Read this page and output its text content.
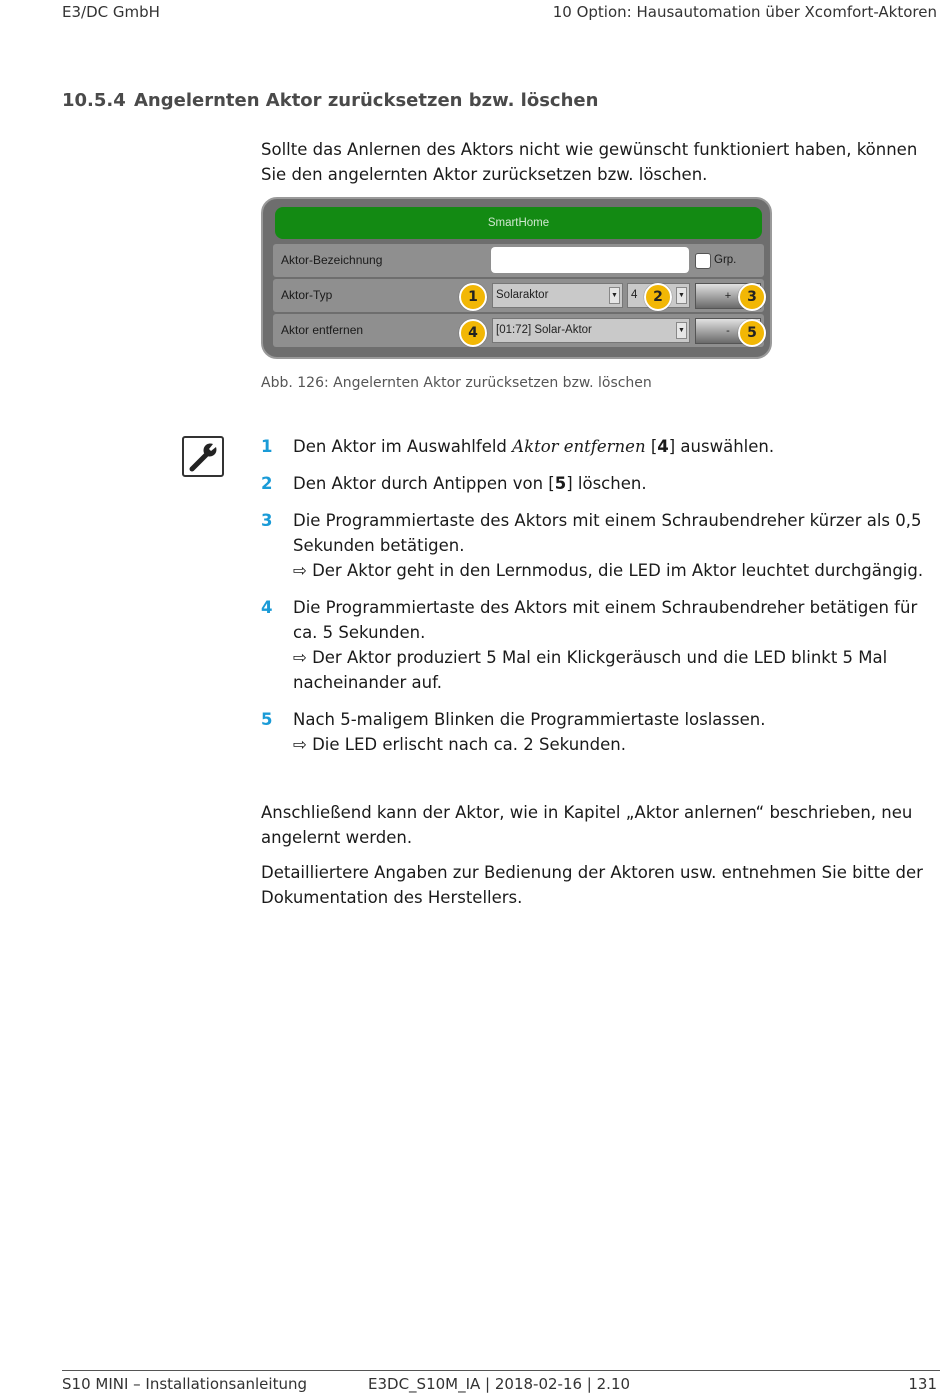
E3/DC GmbH	10 Option: Hausautomation über Xcomfort-Aktoren
10.5.4 Angelernten Aktor zurücksetzen bzw. löschen
Sollte das Anlernen des Aktors nicht wie gewünscht funktioniert haben, können Sie den angelernten Aktor zurücksetzen bzw. löschen.
SmartHome
Aktor-Bezeichnung	Grp.
Aktor-Typ	Solaraktor	▼	4	▼	+
Aktor entfernen	[01:72] Solar-Aktor	▼	-
1	2	3
4	5
Abb. 126: Angelernten Aktor zurücksetzen bzw. löschen
1 Den Aktor im Auswahlfeld Aktor entfernen [4] auswählen.
2 Den Aktor durch Antippen von [5] löschen.
3 Die Programmiertaste des Aktors mit einem Schraubendreher kürzer als 0,5 Sekunden betätigen.
⇨ Der Aktor geht in den Lernmodus, die LED im Aktor leuchtet durchgängig.
4 Die Programmiertaste des Aktors mit einem Schraubendreher betätigen für ca. 5 Sekunden.
⇨ Der Aktor produziert 5 Mal ein Klickgeräusch und die LED blinkt 5 Mal nacheinander auf.
5 Nach 5-maligem Blinken die Programmiertaste loslassen.
⇨ Die LED erlischt nach ca. 2 Sekunden.

Anschließend kann der Aktor, wie in Kapitel „Aktor anlernen“ beschrieben, neu angelernt werden.

Detailliertere Angaben zur Bedienung der Aktoren usw. entnehmen Sie bitte der Dokumentation des Herstellers.

S10 MINI – Installationsanleitung	E3DC_S10M_IA | 2018-02-16 | 2.10	131
